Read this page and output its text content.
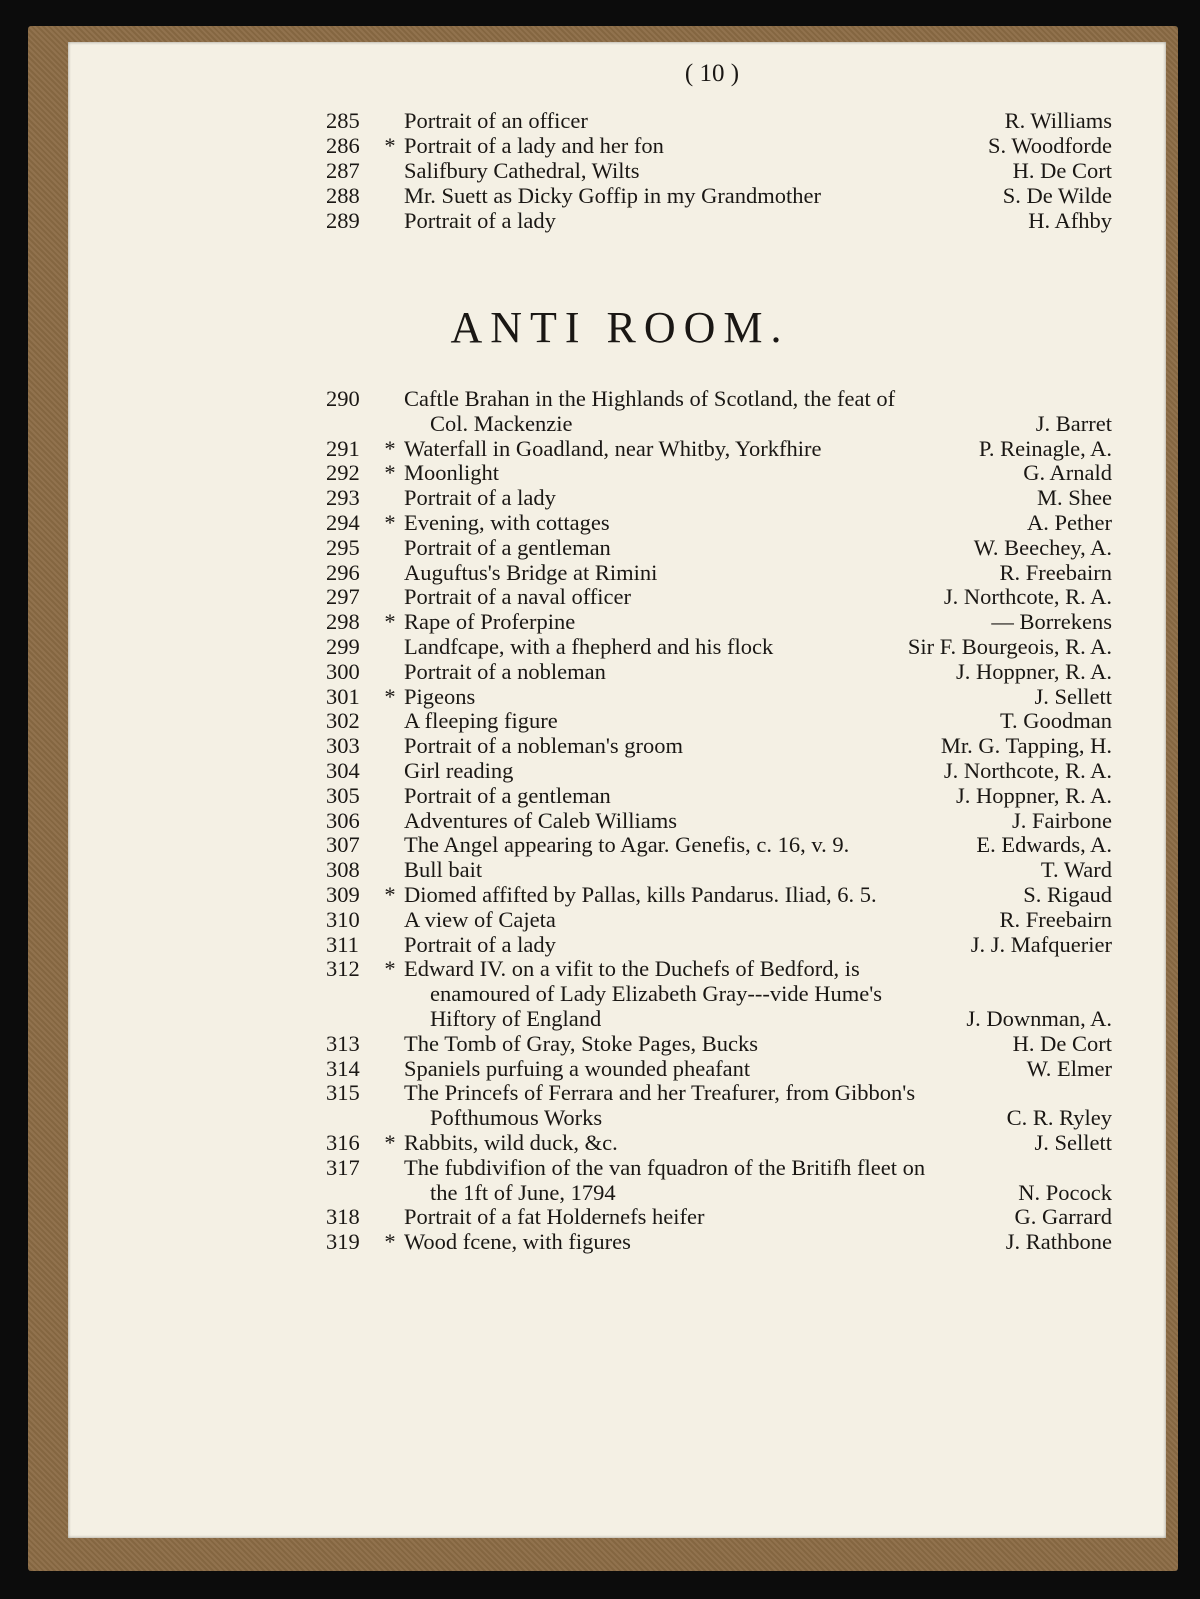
( 10 )
285	Portrait of an officer	R. Williams
286	* Portrait of a lady and her fon	S. Woodforde
287	Salifbury Cathedral, Wilts	H. De Cort
288	Mr. Suett as Dicky Goffip in my Grandmother	S. De Wilde
289	Portrait of a lady	H. Afhby
ANTI ROOM.
290	Caftle Brahan in the Highlands of Scotland, the feat of
Col. Mackenzie	J. Barret
291	* Waterfall in Goadland, near Whitby, Yorkfhire	P. Reinagle, A.
292	* Moonlight	G. Arnald
293	Portrait of a lady	M. Shee
294	* Evening, with cottages	A. Pether
295	Portrait of a gentleman	W. Beechey, A.
296	Auguftus's Bridge at Rimini	R. Freebairn
297	Portrait of a naval officer	J. Northcote, R. A.
298	* Rape of Proferpine	— Borrekens
299	Landfcape, with a fhepherd and his flock	Sir F. Bourgeois, R. A.
300	Portrait of a nobleman	J. Hoppner, R. A.
301	* Pigeons	J. Sellett
302	A fleeping figure	T. Goodman
303	Portrait of a nobleman's groom	Mr. G. Tapping, H.
304	Girl reading	J. Northcote, R. A.
305	Portrait of a gentleman	J. Hoppner, R. A.
306	Adventures of Caleb Williams	J. Fairbone
307	The Angel appearing to Agar. Genefis, c. 16, v. 9.	E. Edwards, A.
308	Bull bait	T. Ward
309	* Diomed affifted by Pallas, kills Pandarus. Iliad, 6. 5.	S. Rigaud
310	A view of Cajeta	R. Freebairn
311	Portrait of a lady	J. J. Mafquerier
312	* Edward IV. on a vifit to the Duchefs of Bedford, is
enamoured of Lady Elizabeth Gray---vide Hume's
Hiftory of England	J. Downman, A.
313	The Tomb of Gray, Stoke Pages, Bucks	H. De Cort
314	Spaniels purfuing a wounded pheafant	W. Elmer
315	The Princefs of Ferrara and her Treafurer, from Gibbon's
Pofthumous Works	C. R. Ryley
316	* Rabbits, wild duck, &c.	J. Sellett
317	The fubdivifion of the van fquadron of the Britifh fleet on
the 1ft of June, 1794	N. Pocock
318	Portrait of a fat Holdernefs heifer	G. Garrard
319	* Wood fcene, with figures	J. Rathbone
